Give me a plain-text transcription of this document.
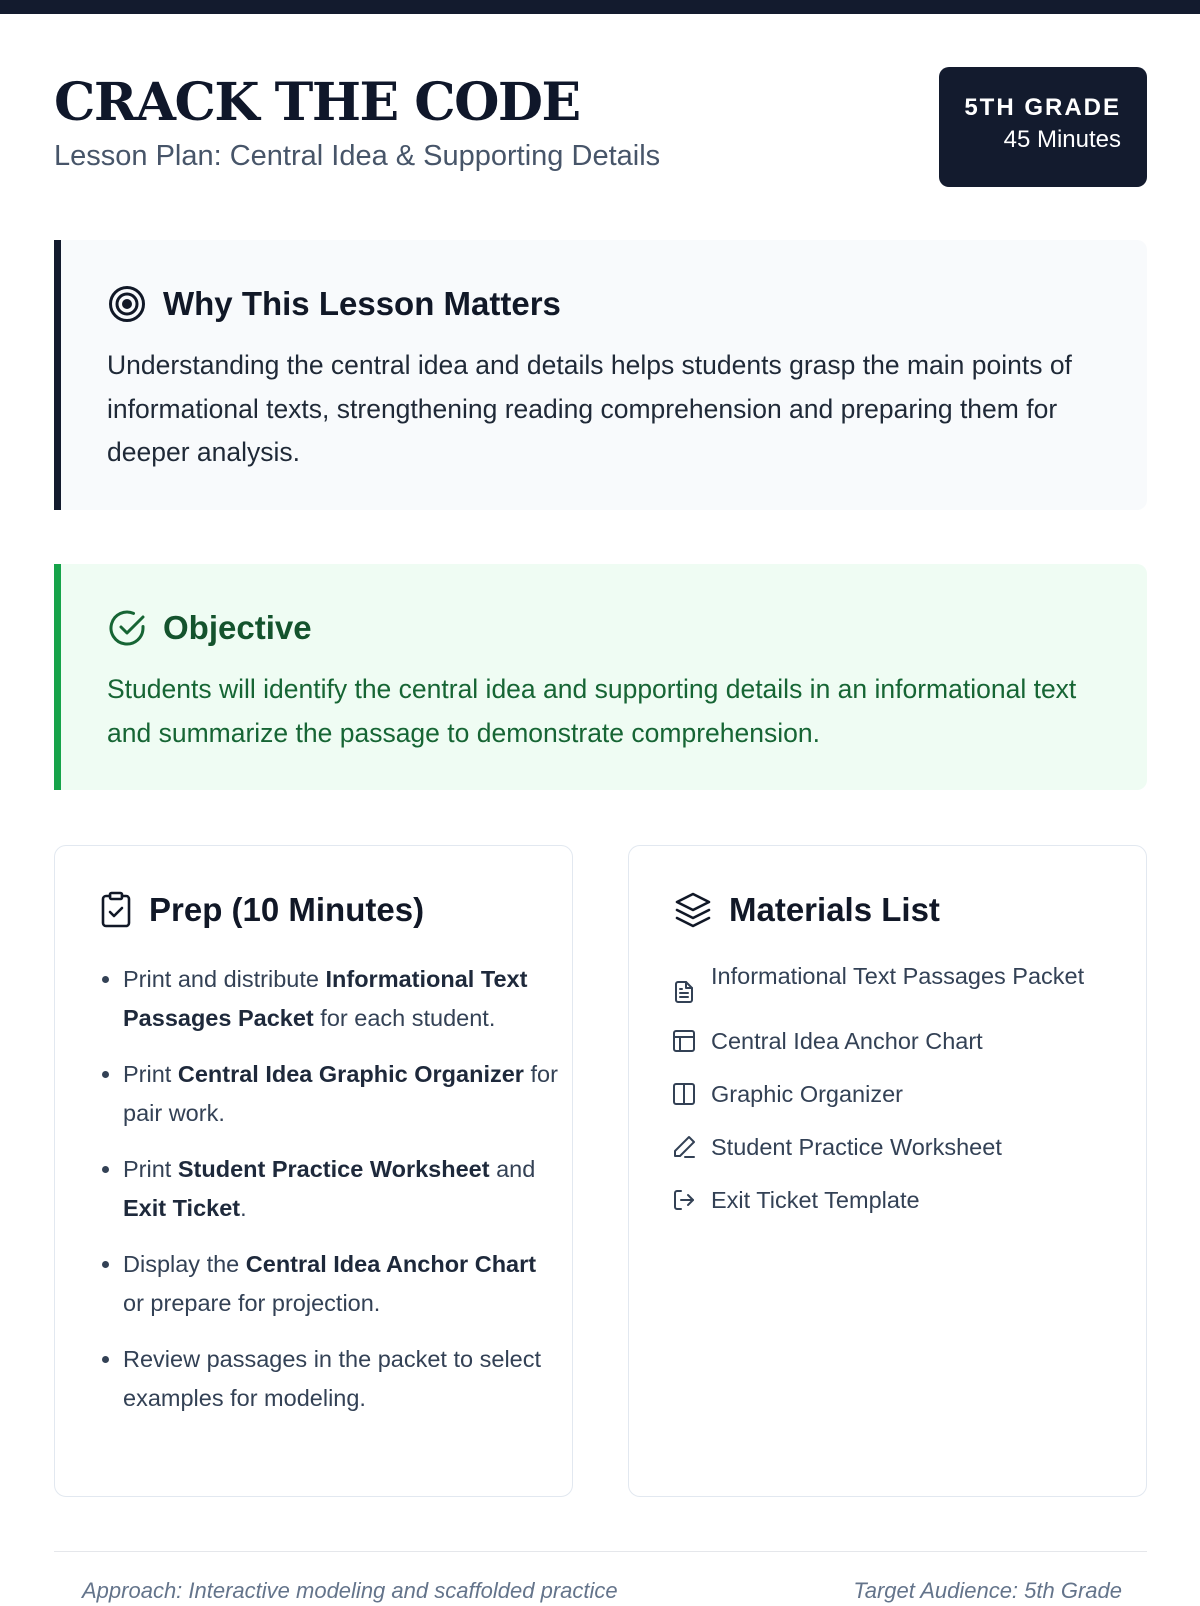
CRACK THE CODE
Lesson Plan: Central Idea & Supporting Details
5TH GRADE
45 Minutes
Why This Lesson Matters

Understanding the central idea and details helps students grasp the main points of informational texts, strengthening reading comprehension and preparing them for deeper analysis.

Objective

Students will identify the central idea and supporting details in an informational text and summarize the passage to demonstrate comprehension.

Prep (10 Minutes)
• Print and distribute Informational Text Passages Packet for each student.
• Print Central Idea Graphic Organizer for pair work.
• Print Student Practice Worksheet and Exit Ticket.
• Display the Central Idea Anchor Chart or prepare for projection.
• Review passages in the packet to select examples for modeling.
Materials List
Informational Text Passages Packet
Central Idea Anchor Chart
Graphic Organizer
Student Practice Worksheet
Exit Ticket Template
Approach: Interactive modeling and scaffolded practice	Target Audience: 5th Grade
